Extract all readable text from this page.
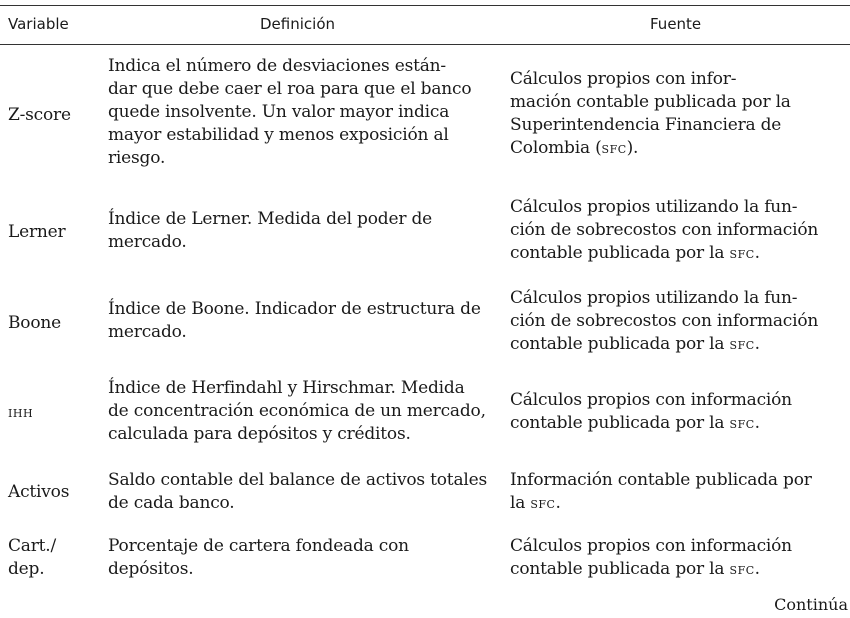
Variable	Definición	Fuente
Z-score
Indica el número de desviaciones están-
dar que debe caer el roa para que el banco
quede insolvente. Un valor mayor indica
mayor estabilidad y menos exposición al
riesgo.
Cálculos propios con infor-
mación contable publicada por la
Superintendencia Financiera de
Colombia (sfc).
Lerner
Índice de Lerner. Medida del poder de
mercado.
Cálculos propios utilizando la fun-
ción de sobrecostos con información
contable publicada por la sfc.
Boone
Índice de Boone. Indicador de estructura de
mercado.
Cálculos propios utilizando la fun-
ción de sobrecostos con información
contable publicada por la sfc.
ihh
Índice de Herfindahl y Hirschmar. Medida
de concentración económica de un mercado,
calculada para depósitos y créditos.
Cálculos propios con información
contable publicada por la sfc.
Activos
Saldo contable del balance de activos totales
de cada banco.
Información contable publicada por
la sfc.
Cart./
dep.
Porcentaje de cartera fondeada con
depósitos.
Cálculos propios con información
contable publicada por la sfc.
Continúa
